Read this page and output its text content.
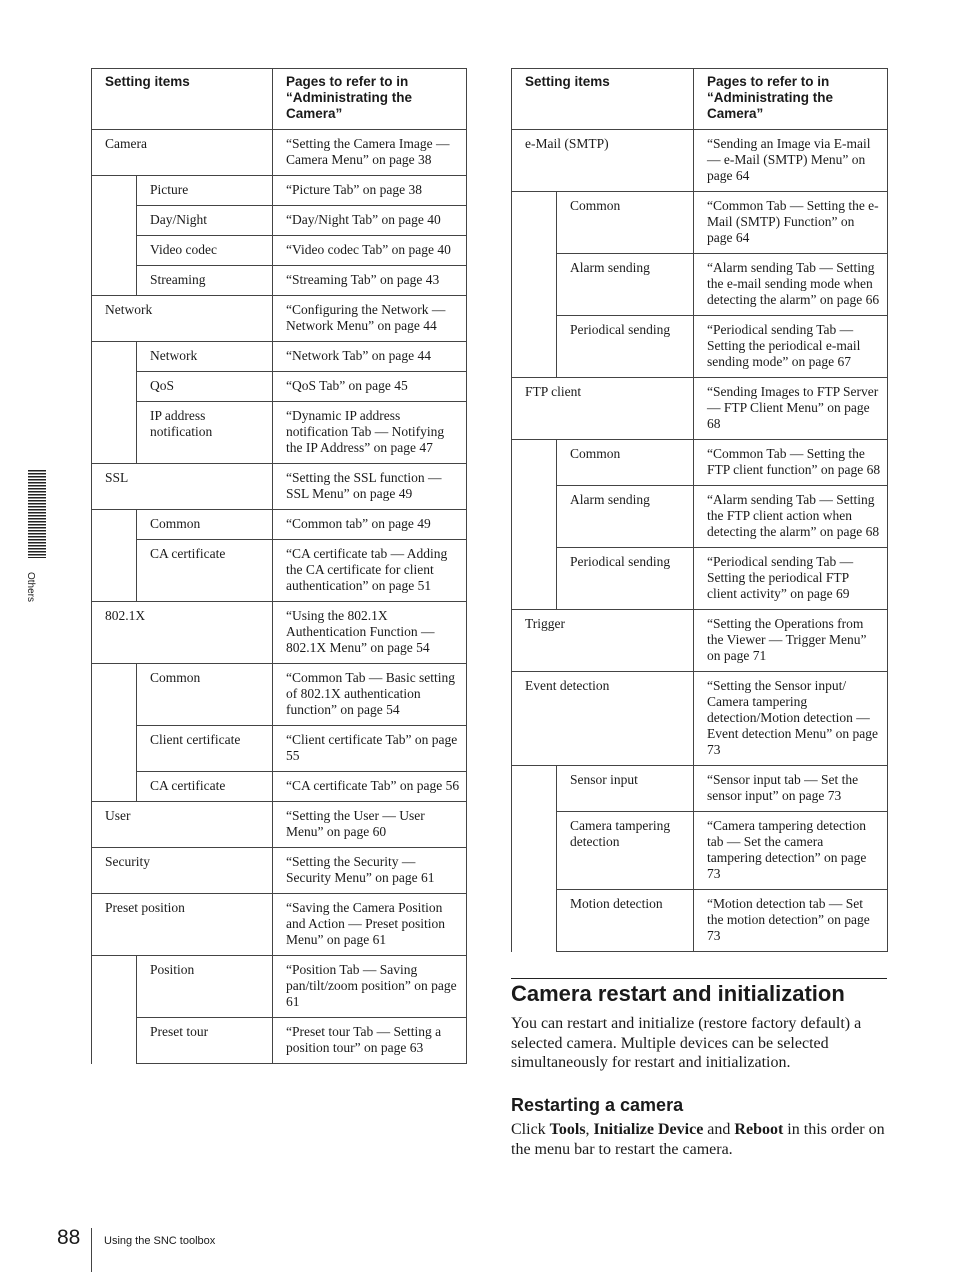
Others
Setting items		Pages to refer to in “Administrating the Camera”
Camera		“Setting the Camera Image — Camera Menu” on page 38
	Picture	“Picture Tab” on page 38
	Day/Night	“Day/Night Tab” on page 40
	Video codec	“Video codec Tab” on page 40
	Streaming	“Streaming Tab” on page 43
Network		“Configuring the Network — Network Menu” on page 44
	Network	“Network Tab” on page 44
	QoS	“QoS Tab” on page 45
	IP address notification	“Dynamic IP address notification Tab — Notifying the IP Address” on page 47
SSL		“Setting the SSL function — SSL Menu” on page 49
	Common	“Common tab” on page 49
	CA certificate	“CA certificate tab — Adding the CA certificate for client authentication” on page 51
802.1X		“Using the 802.1X Authentication Function — 802.1X Menu” on page 54
	Common	“Common Tab — Basic setting of 802.1X authentication function” on page 54
	Client certificate	“Client certificate Tab” on page 55
	CA certificate	“CA certificate Tab” on page 56
User		“Setting the User — User Menu” on page 60
Security		“Setting the Security — Security Menu” on page 61
Preset position		“Saving the Camera Position and Action — Preset position Menu” on page 61
	Position	“Position Tab — Saving pan/tilt/zoom position” on page 61
	Preset tour	“Preset tour Tab — Setting a position tour” on page 63
Setting items		Pages to refer to in “Administrating the Camera”
e-Mail (SMTP)		“Sending an Image via E-mail — e-Mail (SMTP) Menu” on page 64
	Common	“Common Tab — Setting the e-Mail (SMTP) Function” on page 64
	Alarm sending	“Alarm sending Tab — Setting the e-mail sending mode when detecting the alarm” on page 66
	Periodical sending	“Periodical sending Tab — Setting the periodical e-mail sending mode” on page 67
FTP client		“Sending Images to FTP Server — FTP Client Menu” on page 68
	Common	“Common Tab — Setting the FTP client function” on page 68
	Alarm sending	“Alarm sending Tab — Setting the FTP client action when detecting the alarm” on page 68
	Periodical sending	“Periodical sending Tab — Setting the periodical FTP client activity” on page 69
Trigger		“Setting the Operations from the Viewer — Trigger Menu” on page 71
Event detection		“Setting the Sensor input/ Camera tampering detection/Motion detection — Event detection Menu” on page 73
	Sensor input	“Sensor input tab — Set the sensor input” on page 73
	Camera tampering detection	“Camera tampering detection tab — Set the camera tampering detection” on page 73
	Motion detection	“Motion detection tab — Set the motion detection” on page 73
Camera restart and initialization

You can restart and initialize (restore factory default) a selected camera. Multiple devices can be selected simultaneously for restart and initialization.

Restarting a camera

Click Tools, Initialize Device and Reboot in this order on the menu bar to restart the camera.

88 Using the SNC toolbox
